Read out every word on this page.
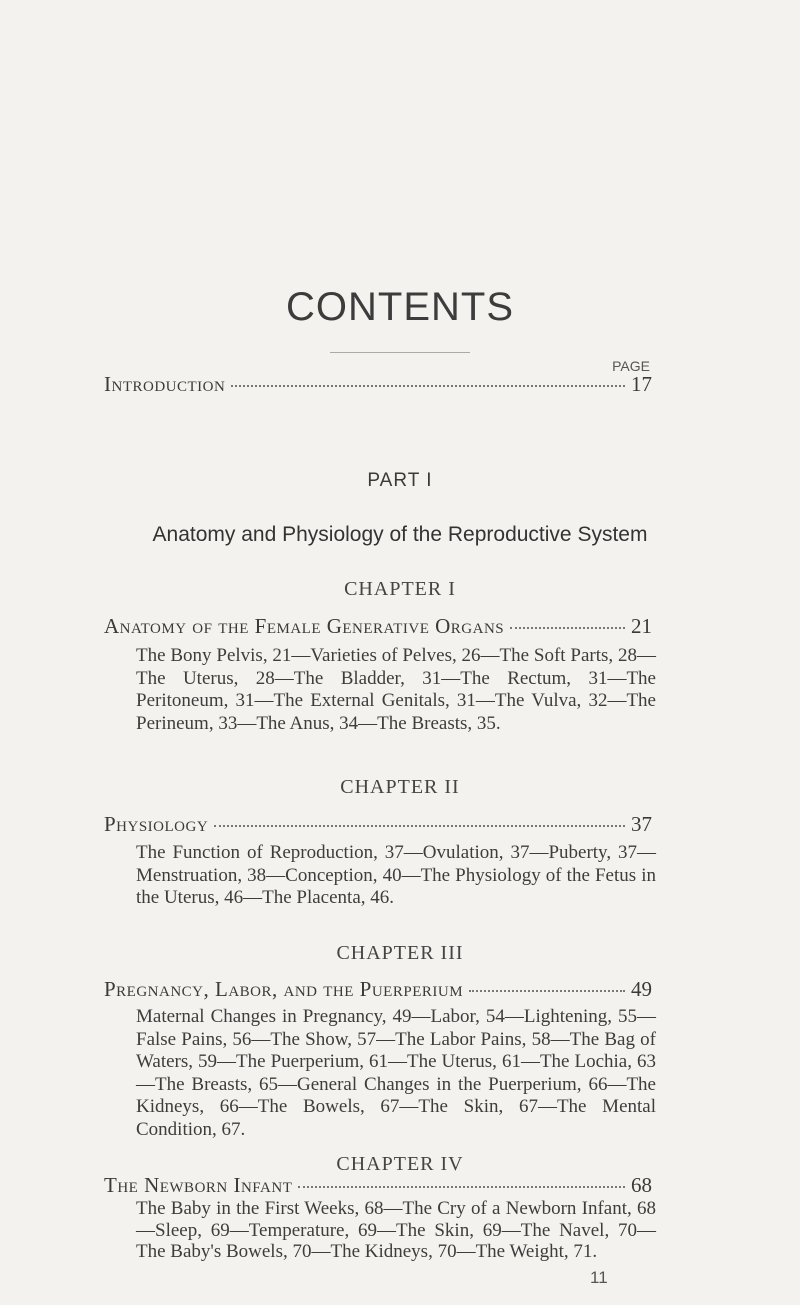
CONTENTS
PAGE
Introduction	17
PART I
Anatomy and Physiology of the Reproductive System
CHAPTER I
Anatomy of the Female Generative Organs	21
The Bony Pelvis, 21—Varieties of Pelves, 26—The Soft Parts, 28—The Uterus, 28—The Bladder, 31—The Rectum, 31—The Peritoneum, 31—The External Genitals, 31—The Vulva, 32—The Perineum, 33—The Anus, 34—The Breasts, 35.
CHAPTER II
Physiology	37
The Function of Reproduction, 37—Ovulation, 37—Puberty, 37—Menstruation, 38—Conception, 40—The Physiology of the Fetus in the Uterus, 46—The Placenta, 46.
CHAPTER III
Pregnancy, Labor, and the Puerperium	49
Maternal Changes in Pregnancy, 49—Labor, 54—Lightening, 55—False Pains, 56—The Show, 57—The Labor Pains, 58—The Bag of Waters, 59—The Puerperium, 61—The Uterus, 61—The Lochia, 63—The Breasts, 65—General Changes in the Puerperium, 66—The Kidneys, 66—The Bowels, 67—The Skin, 67—The Mental Condition, 67.
CHAPTER IV
The Newborn Infant	68
The Baby in the First Weeks, 68—The Cry of a Newborn Infant, 68—Sleep, 69—Temperature, 69—The Skin, 69—The Navel, 70—The Baby's Bowels, 70—The Kidneys, 70—The Weight, 71.
11
